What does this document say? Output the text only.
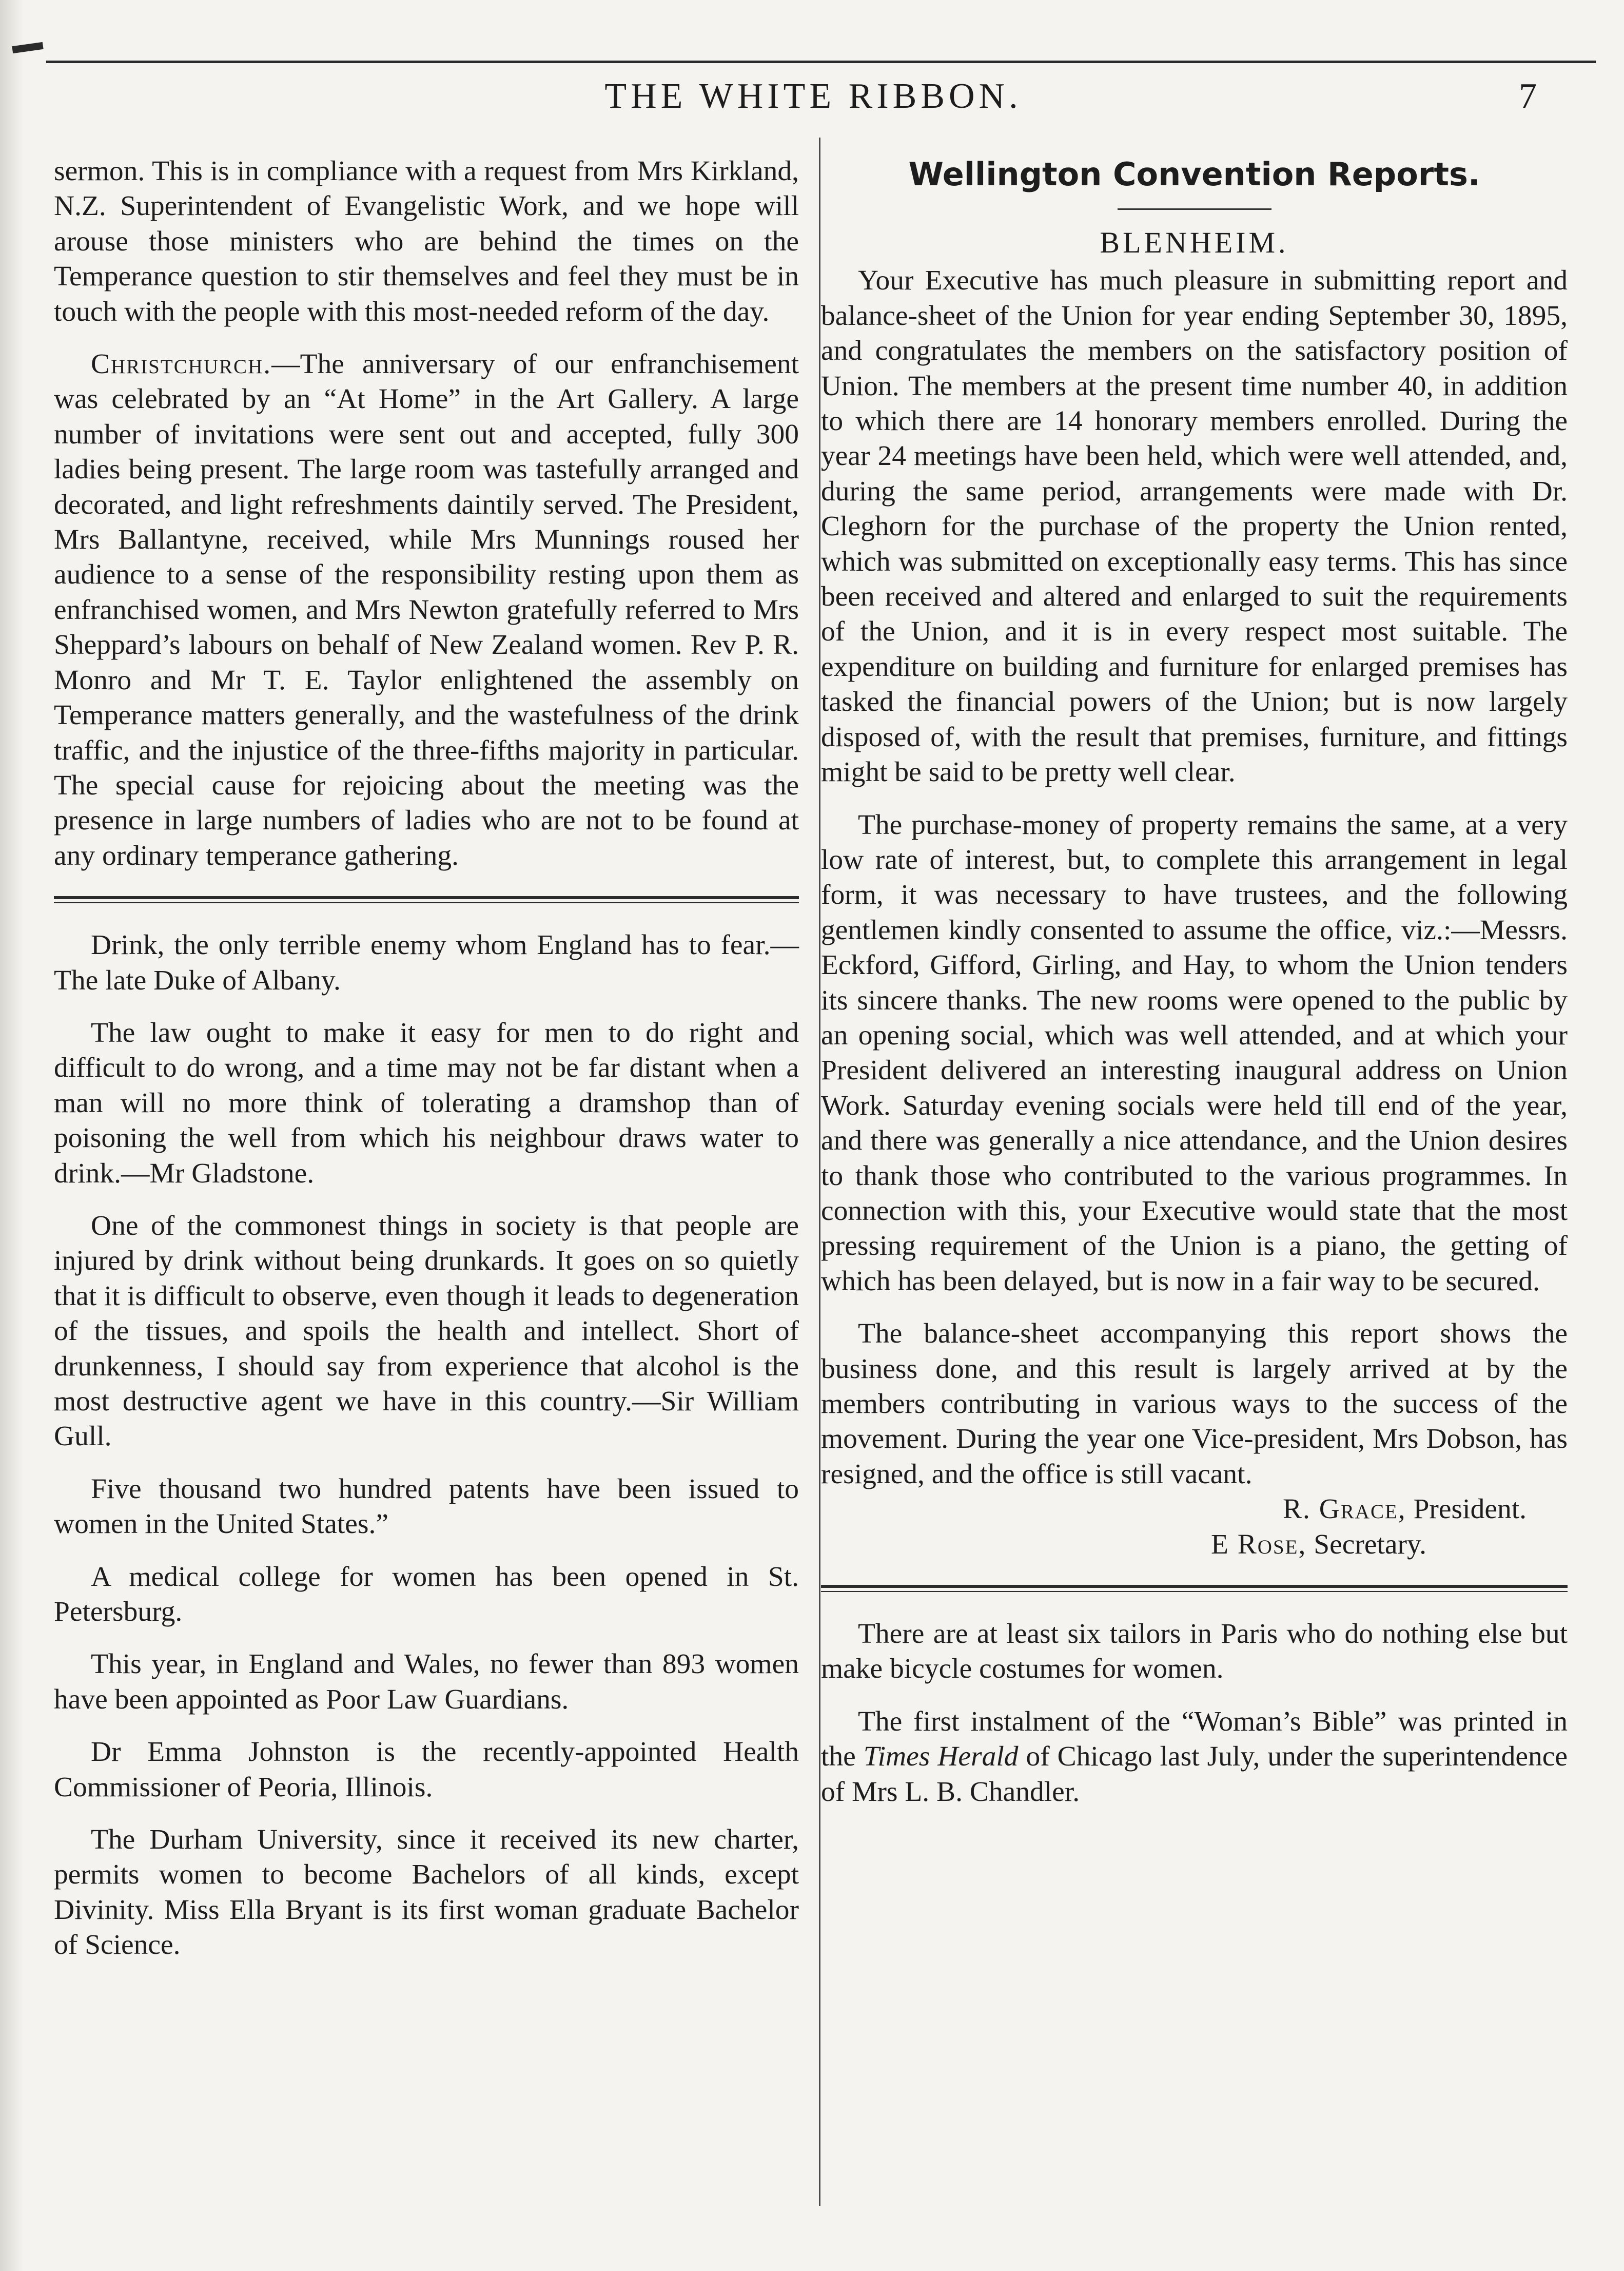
THE WHITE RIBBON.	7

sermon. This is in compliance with a request from Mrs Kirkland, N.Z. Superintendent of Evangelistic Work, and we hope will arouse those ministers who are behind the times on the Temperance question to stir themselves and feel they must be in touch with the people with this most-needed reform of the day.

Christchurch.—The anniversary of our enfranchisement was celebrated by an “At Home” in the Art Gallery. A large number of invitations were sent out and accepted, fully 300 ladies being present. The large room was tastefully arranged and decorated, and light refreshments daintily served. The President, Mrs Ballantyne, received, while Mrs Munnings roused her audience to a sense of the responsibility resting upon them as enfranchised women, and Mrs Newton gratefully referred to Mrs Sheppard’s labours on behalf of New Zealand women. Rev P. R. Monro and Mr T. E. Taylor enlightened the assembly on Temperance matters generally, and the wastefulness of the drink traffic, and the injustice of the three-fifths majority in particular. The special cause for rejoicing about the meeting was the presence in large numbers of ladies who are not to be found at any ordinary temperance gathering.

Drink, the only terrible enemy whom England has to fear.—The late Duke of Albany.

The law ought to make it easy for men to do right and difficult to do wrong, and a time may not be far distant when a man will no more think of tolerating a dramshop than of poisoning the well from which his neighbour draws water to drink.—Mr Gladstone.

One of the commonest things in society is that people are injured by drink without being drunkards. It goes on so quietly that it is difficult to observe, even though it leads to degeneration of the tissues, and spoils the health and intellect. Short of drunkenness, I should say from experience that alcohol is the most destructive agent we have in this country.—Sir William Gull.

Five thousand two hundred patents have been issued to women in the United States.”

A medical college for women has been opened in St. Petersburg.

This year, in England and Wales, no fewer than 893 women have been appointed as Poor Law Guardians.

Dr Emma Johnston is the recently-appointed Health Commissioner of Peoria, Illinois.

The Durham University, since it received its new charter, permits women to become Bachelors of all kinds, except Divinity. Miss Ella Bryant is its first woman graduate Bachelor of Science.

Wellington Convention Reports.
BLENHEIM.

Your Executive has much pleasure in submitting report and balance-sheet of the Union for year ending September 30, 1895, and congratulates the members on the satisfactory position of Union. The members at the present time number 40, in addition to which there are 14 honorary members enrolled. During the year 24 meetings have been held, which were well attended, and, during the same period, arrangements were made with Dr. Cleghorn for the purchase of the property the Union rented, which was submitted on exceptionally easy terms. This has since been received and altered and enlarged to suit the requirements of the Union, and it is in every respect most suitable. The expenditure on building and furniture for enlarged premises has tasked the financial powers of the Union; but is now largely disposed of, with the result that premises, furniture, and fittings might be said to be pretty well clear.

The purchase-money of property remains the same, at a very low rate of interest, but, to complete this arrangement in legal form, it was necessary to have trustees, and the following gentlemen kindly consented to assume the office, viz.:—Messrs. Eckford, Gifford, Girling, and Hay, to whom the Union tenders its sincere thanks. The new rooms were opened to the public by an opening social, which was well attended, and at which your President delivered an interesting inaugural address on Union Work. Saturday evening socials were held till end of the year, and there was generally a nice attendance, and the Union desires to thank those who contributed to the various programmes. In connection with this, your Executive would state that the most pressing requirement of the Union is a piano, the getting of which has been delayed, but is now in a fair way to be secured.

The balance-sheet accompanying this report shows the business done, and this result is largely arrived at by the members contributing in various ways to the success of the movement. During the year one Vice-president, Mrs Dobson, has resigned, and the office is still vacant.

R. Grace, President.

E Rose, Secretary.

There are at least six tailors in Paris who do nothing else but make bicycle costumes for women.

The first instalment of the “Woman’s Bible” was printed in the Times Herald of Chicago last July, under the superintendence of Mrs L. B. Chandler.
